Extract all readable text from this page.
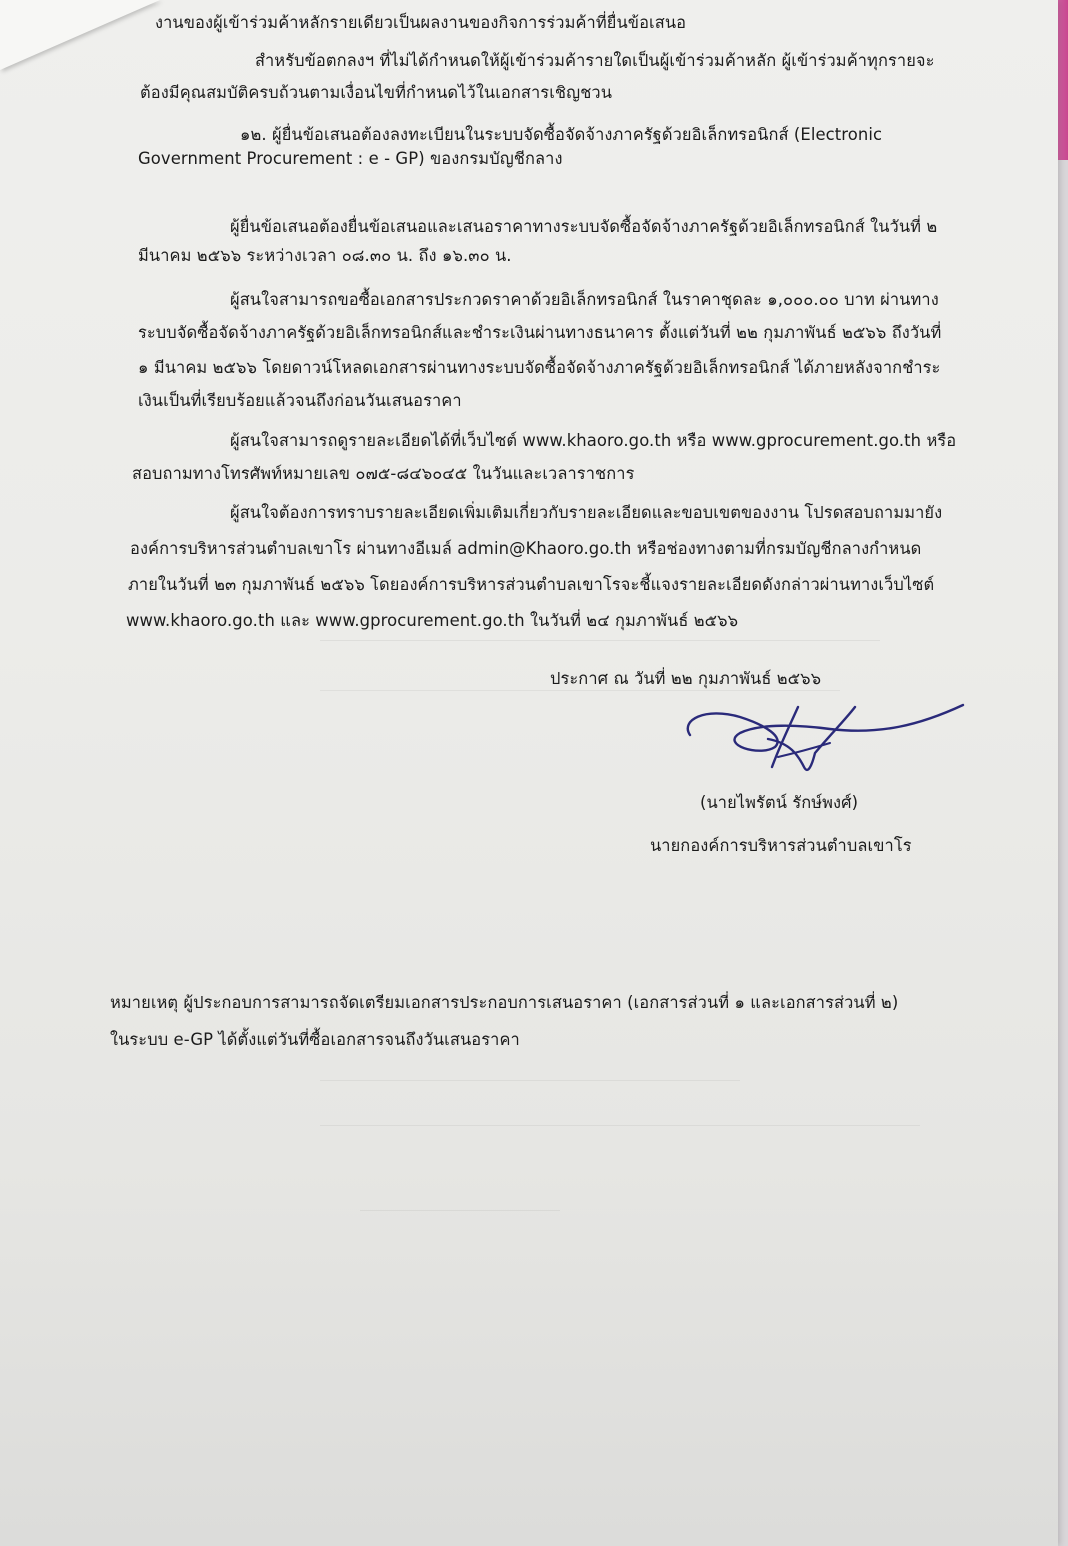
งานของผู้เข้าร่วมค้าหลักรายเดียวเป็นผลงานของกิจการร่วมค้าที่ยื่นข้อเสนอ
สำหรับข้อตกลงฯ ที่ไม่ได้กำหนดให้ผู้เข้าร่วมค้ารายใดเป็นผู้เข้าร่วมค้าหลัก ผู้เข้าร่วมค้าทุกรายจะ
ต้องมีคุณสมบัติครบถ้วนตามเงื่อนไขที่กำหนดไว้ในเอกสารเชิญชวน
๑๒. ผู้ยื่นข้อเสนอต้องลงทะเบียนในระบบจัดซื้อจัดจ้างภาครัฐด้วยอิเล็กทรอนิกส์ (Electronic
Government Procurement : e - GP) ของกรมบัญชีกลาง
ผู้ยื่นข้อเสนอต้องยื่นข้อเสนอและเสนอราคาทางระบบจัดซื้อจัดจ้างภาครัฐด้วยอิเล็กทรอนิกส์ ในวันที่ ๒
มีนาคม ๒๕๖๖ ระหว่างเวลา ๐๘.๓๐ น. ถึง ๑๖.๓๐ น.
ผู้สนใจสามารถขอซื้อเอกสารประกวดราคาด้วยอิเล็กทรอนิกส์ ในราคาชุดละ ๑,๐๐๐.๐๐ บาท ผ่านทาง
ระบบจัดซื้อจัดจ้างภาครัฐด้วยอิเล็กทรอนิกส์และชำระเงินผ่านทางธนาคาร ตั้งแต่วันที่ ๒๒ กุมภาพันธ์ ๒๕๖๖ ถึงวันที่
๑ มีนาคม ๒๕๖๖ โดยดาวน์โหลดเอกสารผ่านทางระบบจัดซื้อจัดจ้างภาครัฐด้วยอิเล็กทรอนิกส์ ได้ภายหลังจากชำระ
เงินเป็นที่เรียบร้อยแล้วจนถึงก่อนวันเสนอราคา
ผู้สนใจสามารถดูรายละเอียดได้ที่เว็บไซต์ www.khaoro.go.th หรือ www.gprocurement.go.th หรือ
สอบถามทางโทรศัพท์หมายเลข ๐๗๕-๘๔๖๐๔๕ ในวันและเวลาราชการ
ผู้สนใจต้องการทราบรายละเอียดเพิ่มเติมเกี่ยวกับรายละเอียดและขอบเขตของงาน โปรดสอบถามมายัง
องค์การบริหารส่วนตำบลเขาโร ผ่านทางอีเมล์ admin@Khaoro.go.th หรือช่องทางตามที่กรมบัญชีกลางกำหนด
ภายในวันที่ ๒๓ กุมภาพันธ์ ๒๕๖๖ โดยองค์การบริหารส่วนตำบลเขาโรจะชี้แจงรายละเอียดดังกล่าวผ่านทางเว็บไซต์
www.khaoro.go.th และ www.gprocurement.go.th ในวันที่ ๒๔ กุมภาพันธ์ ๒๕๖๖
ประกาศ ณ วันที่ ๒๒ กุมภาพันธ์ ๒๕๖๖
(นายไพรัตน์ รักษ์พงศ์)
นายกองค์การบริหารส่วนตำบลเขาโร
หมายเหตุ ผู้ประกอบการสามารถจัดเตรียมเอกสารประกอบการเสนอราคา (เอกสารส่วนที่ ๑ และเอกสารส่วนที่ ๒)
ในระบบ e-GP ได้ตั้งแต่วันที่ซื้อเอกสารจนถึงวันเสนอราคา
